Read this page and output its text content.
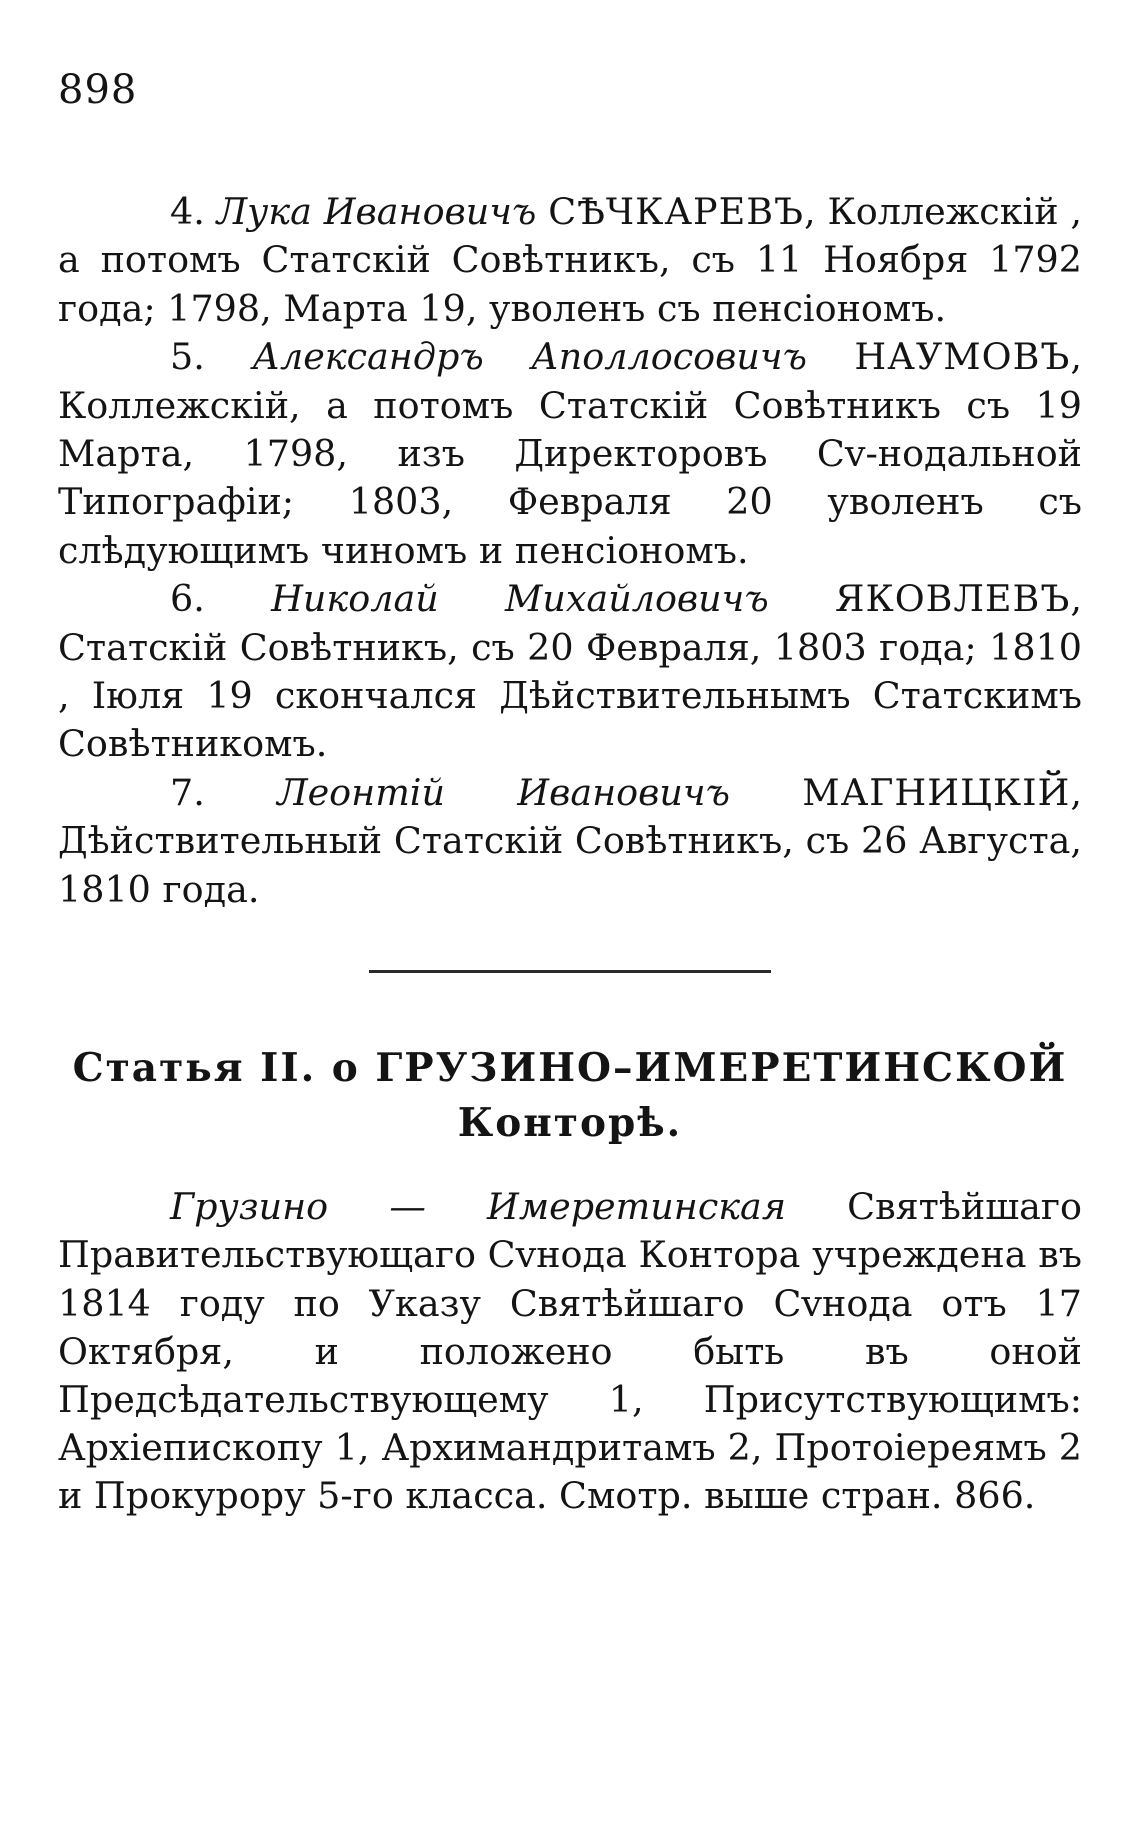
898

4. Лука Ивановичъ СѢЧКАРЕВЪ, Коллежскій , а потомъ Статскій Совѣтникъ, съ 11 Ноября 1792 года; 1798, Марта 19, уволенъ съ пенсіономъ.

5. Александръ Аполлосовичъ НАУМОВЪ, Коллежскій, а потомъ Статскій Совѣтникъ съ 19 Марта, 1798, изъ Директоровъ Сv-нодальной Типографіи; 1803, Февраля 20 уволенъ съ слѣдующимъ чиномъ и пенсіономъ.

6. Николай Михайловичъ ЯКОВЛЕВЪ, Статскій Совѣтникъ, съ 20 Февраля, 1803 года; 1810 , Іюля 19 скончался Дѣйствительнымъ Статскимъ Совѣтникомъ.

7. Леонтій Ивановичъ МАГНИЦКІЙ, Дѣйствительный Статскій Совѣтникъ, съ 26 Августа, 1810 года.

Статья II. о ГРУЗИНО–ИМЕРЕТИНСКОЙ Конторѣ.

Грузино — Имеретинская Святѣйшаго Правительствующаго Сvнода Контора учреждена въ 1814 году по Указу Святѣйшаго Сvнода отъ 17 Октября, и положено быть въ оной Предсѣдательствующему 1, Присутствующимъ: Архіепископу 1, Архимандритамъ 2, Протоіереямъ 2 и Прокурору 5-го класса. Смотр. выше стран. 866.
